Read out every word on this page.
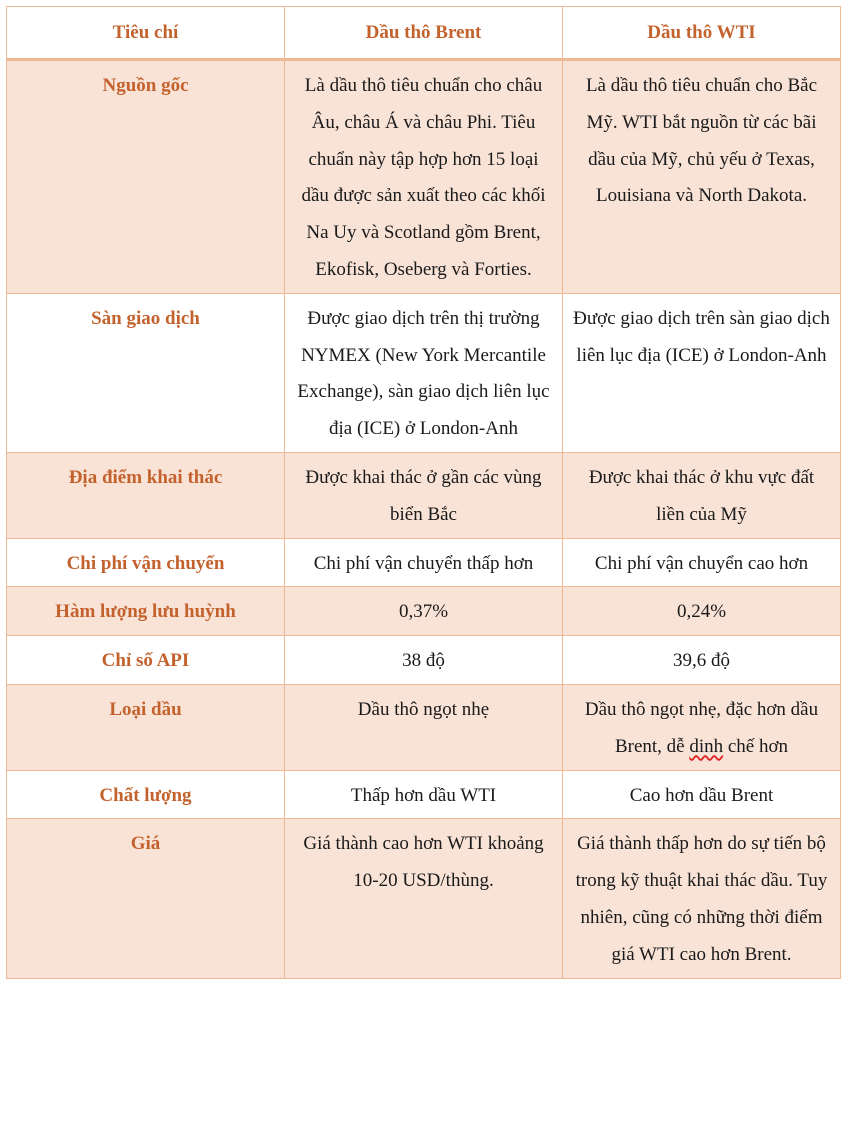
Tiêu chí	Dầu thô Brent	Dầu thô WTI
Nguồn gốc	Là dầu thô tiêu chuẩn cho châu Âu, châu Á và châu Phi. Tiêu chuẩn này tập hợp hơn 15 loại dầu được sản xuất theo các khối Na Uy và Scotland gồm Brent, Ekofisk, Oseberg và Forties.	Là dầu thô tiêu chuẩn cho Bắc Mỹ. WTI bắt nguồn từ các bãi dầu của Mỹ, chủ yếu ở Texas, Louisiana và North Dakota.
Sàn giao dịch	Được giao dịch trên thị trường NYMEX (New York Mercantile Exchange), sàn giao dịch liên lục địa (ICE) ở London-Anh	Được giao dịch trên sàn giao dịch liên lục địa (ICE) ở London-Anh
Địa điểm khai thác	Được khai thác ở gần các vùng biển Bắc	Được khai thác ở khu vực đất liền của Mỹ
Chi phí vận chuyển	Chi phí vận chuyển thấp hơn	Chi phí vận chuyển cao hơn
Hàm lượng lưu huỳnh	0,37%	0,24%
Chỉ số API	38 độ	39,6 độ
Loại dầu	Dầu thô ngọt nhẹ	Dầu thô ngọt nhẹ, đặc hơn dầu Brent, dễ dinh chế hơn
Chất lượng	Thấp hơn dầu WTI	Cao hơn dầu Brent
Giá	Giá thành cao hơn WTI khoảng 10-20 USD/thùng.	Giá thành thấp hơn do sự tiến bộ trong kỹ thuật khai thác dầu. Tuy nhiên, cũng có những thời điểm giá WTI cao hơn Brent.
